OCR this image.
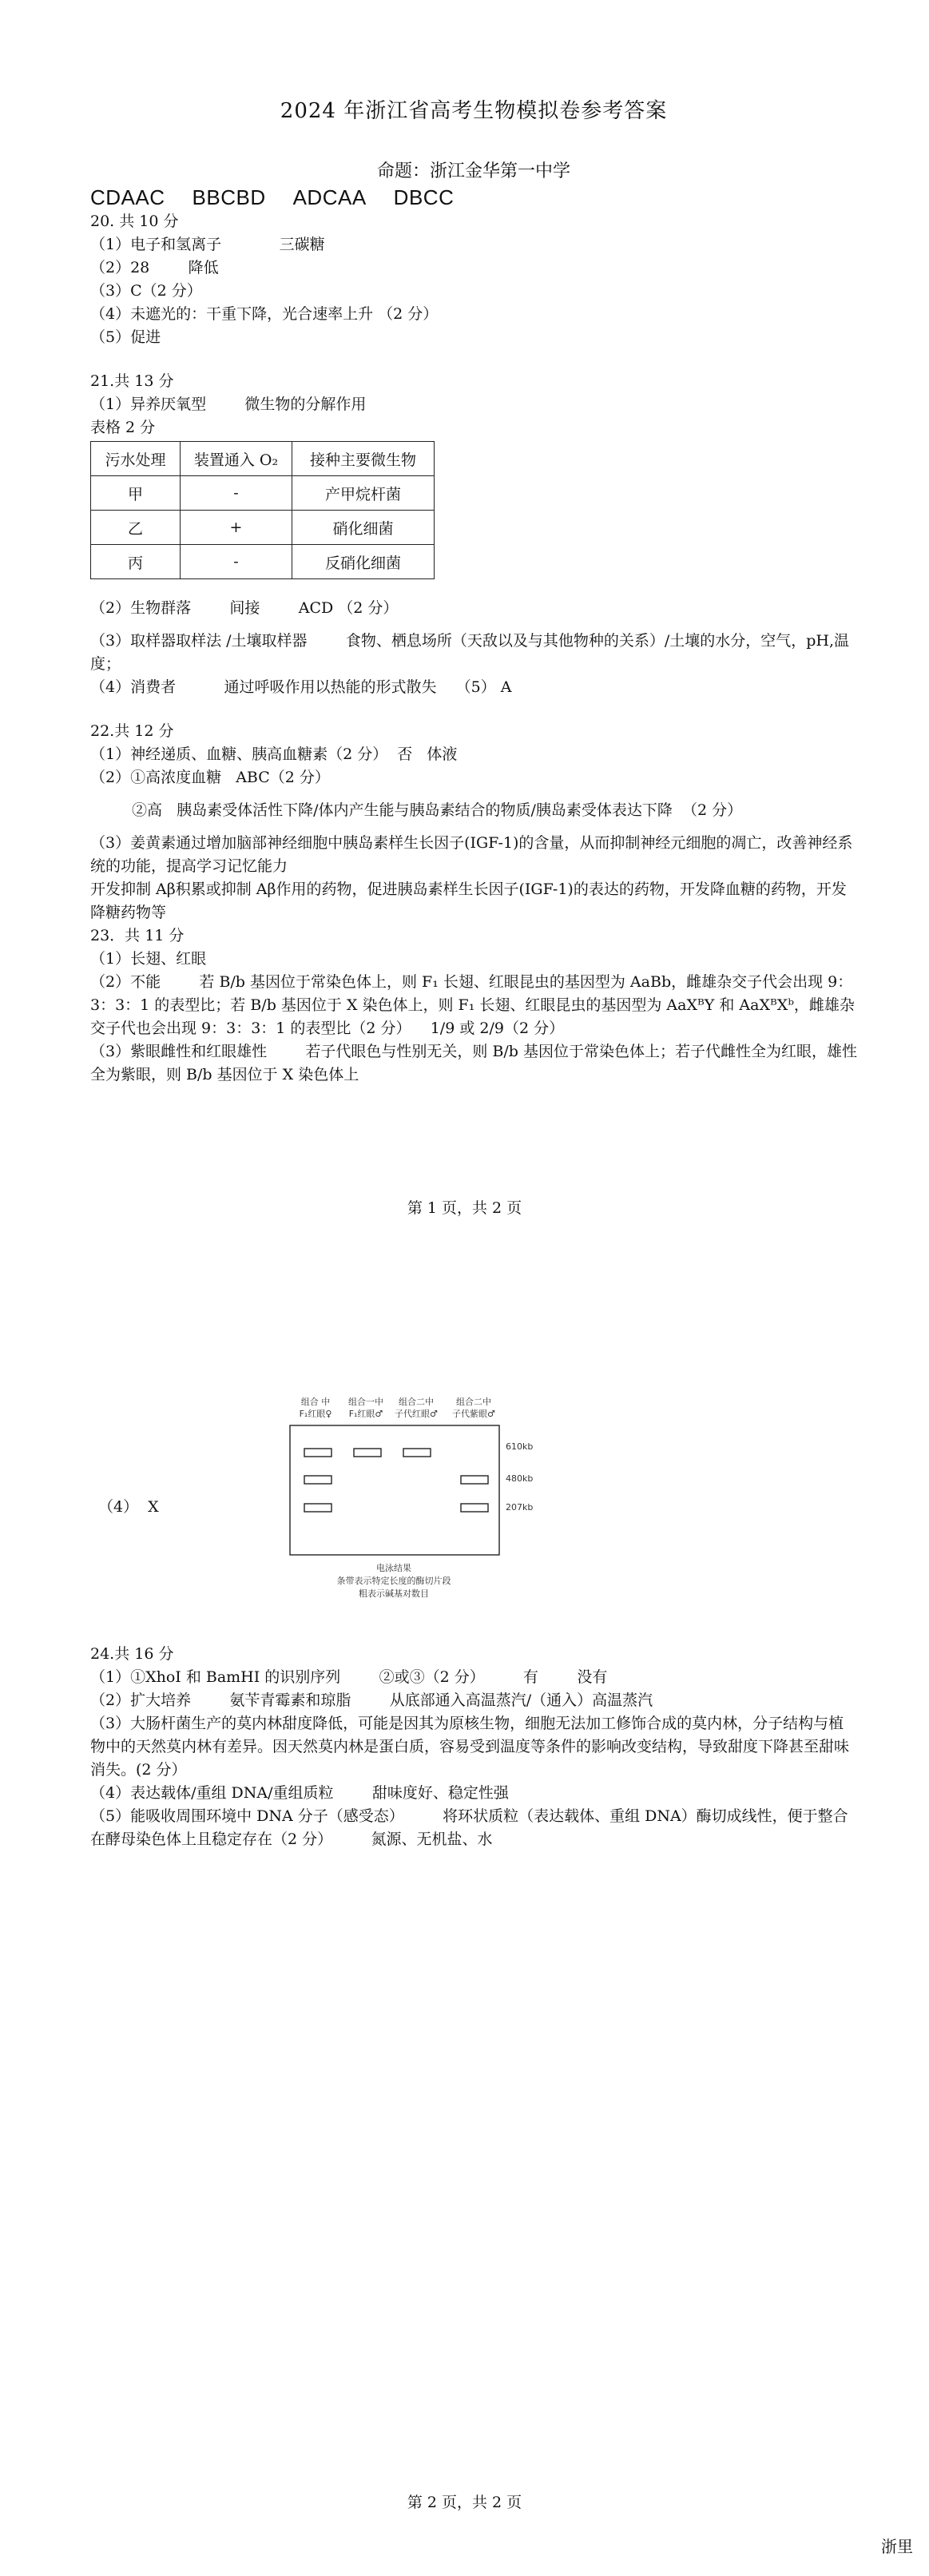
2024 年浙江省高考生物模拟卷参考答案
命题：浙江金华第一中学
CDAAC BBCBD ADCAA DBCC
20. 共 10 分
（1）电子和氢离子            三碳糖
（2）28        降低
（3）C（2 分）
（4）未遮光的：干重下降，光合速率上升 （2 分）
（5）促进
21.共 13 分
（1）异养厌氧型        微生物的分解作用
表格 2 分
污水处理	装置通入 O₂	接种主要微生物
甲	-	产甲烷杆菌
乙	+	硝化细菌
丙	-	反硝化细菌
（2）生物群落        间接        ACD （2 分）
（3）取样器取样法 /土壤取样器        食物、栖息场所（天敌以及与其他物种的关系）/土壤的水分，空气，pH,温度；
（4）消费者          通过呼吸作用以热能的形式散失    （5） A
22.共 12 分
（1）神经递质、血糖、胰高血糖素（2 分）  否   体液
（2）①高浓度血糖   ABC（2 分）
②高   胰岛素受体活性下降/体内产生能与胰岛素结合的物质/胰岛素受体表达下降  （2 分）
（3）姜黄素通过增加脑部神经细胞中胰岛素样生长因子(IGF-1)的含量，从而抑制神经元细胞的凋亡，改善神经系统的功能，提高学习记忆能力
开发抑制 Aβ积累或抑制 Aβ作用的药物，促进胰岛素样生长因子(IGF-1)的表达的药物，开发降血糖的药物，开发降糖药物等
23．共 11 分
（1）长翅、红眼
（2）不能        若 B/b 基因位于常染色体上，则 F₁ 长翅、红眼昆虫的基因型为 AaBb，雌雄杂交子代会出现 9：3：3：1 的表型比；若 B/b 基因位于 X 染色体上，则 F₁ 长翅、红眼昆虫的基因型为 AaXᴮY 和 AaXᴮXᵇ，雌雄杂交子代也会出现 9：3：3：1 的表型比（2 分）    1/9 或 2/9（2 分）
（3）紫眼雌性和红眼雄性        若子代眼色与性别无关，则 B/b 基因位于常染色体上；若子代雌性全为红眼，雄性全为紫眼，则 B/b 基因位于 X 染色体上
第 1 页，共 2 页
（4）  X
组合 中
F₁红眼♀
组合一中
F₁红眼♂
组合二中
子代红眼♂
组合二中
子代紫眼♂
610kb
480kb
207kb
电泳结果
条带表示特定长度的酶切片段
粗表示碱基对数目
24.共 16 分
（1）①XhoI 和 BamHI 的识别序列        ②或③（2 分）        有        没有
（2）扩大培养        氨苄青霉素和琼脂        从底部通入高温蒸汽/（通入）高温蒸汽
（3）大肠杆菌生产的莫内林甜度降低，可能是因其为原核生物，细胞无法加工修饰合成的莫内林，分子结构与植物中的天然莫内林有差异。因天然莫内林是蛋白质，容易受到温度等条件的影响改变结构，导致甜度下降甚至甜味消失。(2 分）
（4）表达载体/重组 DNA/重组质粒        甜味度好、稳定性强
（5）能吸收周围环境中 DNA 分子（感受态）        将环状质粒（表达载体、重组 DNA）酶切成线性，便于整合在酵母染色体上且稳定存在（2 分）        氮源、无机盐、水
第 2 页，共 2 页
浙里
